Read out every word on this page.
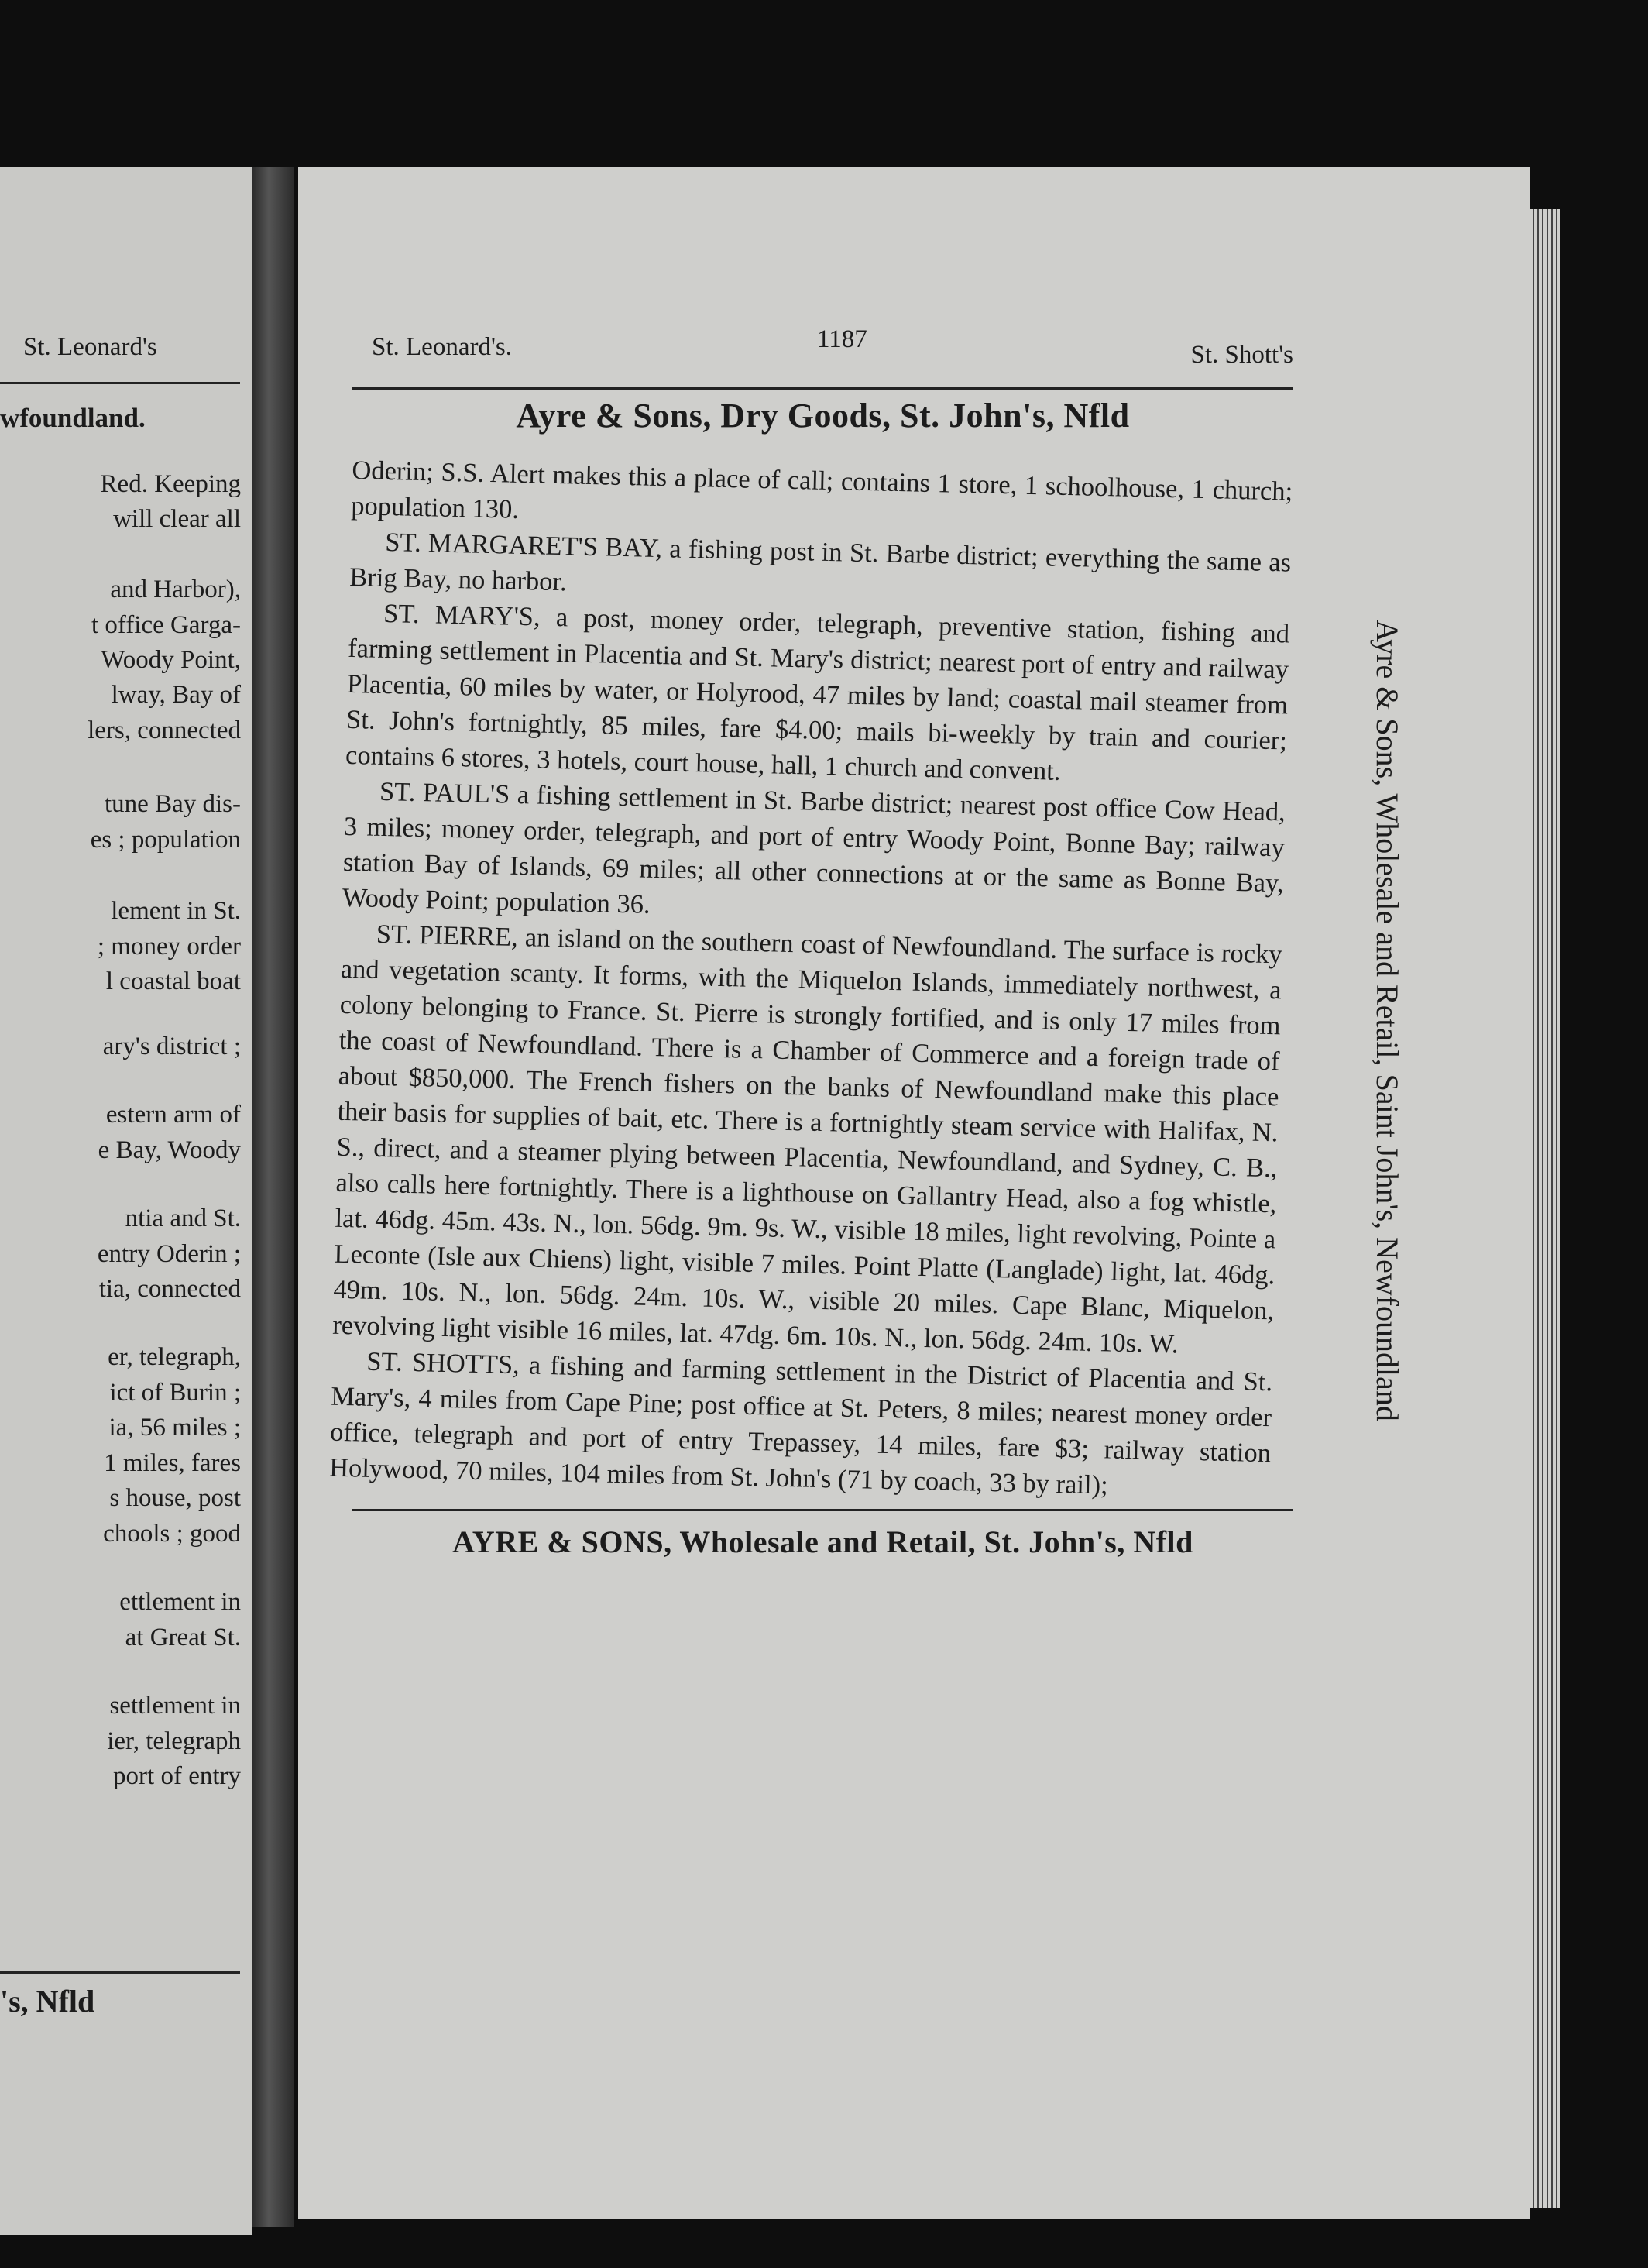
St. Leonard's
wfoundland.
Red. Keeping
will clear all
and Harbor),
t office Garga-
Woody Point,
lway, Bay of
lers, connected
tune Bay dis-
es ; population
lement in St.
; money order
l coastal boat
ary's district ;
estern arm of
e Bay, Woody
ntia and St.
entry Oderin ;
tia, connected
er, telegraph,
ict of Burin ;
ia, 56 miles ;
1 miles, fares
s house, post
chools ; good
ettlement in
at Great St.
settlement in
ier, telegraph
port of entry
's, Nfld
St. Leonard's.	1187
St. Shott's
Ayre & Sons, Dry Goods, St. John's, Nfld

Oderin; S.S. Alert makes this a place of call; contains 1 store, 1 schoolhouse, 1 church; population 130.

ST. MARGARET'S BAY, a fishing post in St. Barbe district; everything the same as Brig Bay, no harbor.

ST. MARY'S, a post, money order, telegraph, preventive station, fishing and farming settlement in Placentia and St. Mary's district; nearest port of entry and railway Placentia, 60 miles by water, or Holyrood, 47 miles by land; coastal mail steamer from St. John's fortnightly, 85 miles, fare $4.00; mails bi-weekly by train and courier; contains 6 stores, 3 hotels, court house, hall, 1 church and convent.

ST. PAUL'S a fishing settlement in St. Barbe district; nearest post office Cow Head, 3 miles; money order, telegraph, and port of entry Woody Point, Bonne Bay; railway station Bay of Islands, 69 miles; all other connections at or the same as Bonne Bay, Woody Point; population 36.

ST. PIERRE, an island on the southern coast of Newfoundland. The surface is rocky and vegetation scanty. It forms, with the Miquelon Islands, immediately northwest, a colony belonging to France. St. Pierre is strongly fortified, and is only 17 miles from the coast of Newfoundland. There is a Chamber of Commerce and a foreign trade of about $850,000. The French fishers on the banks of Newfoundland make this place their basis for supplies of bait, etc. There is a fortnightly steam service with Halifax, N. S., direct, and a steamer plying between Placentia, Newfoundland, and Sydney, C. B., also calls here fortnightly. There is a lighthouse on Gallantry Head, also a fog whistle, lat. 46dg. 45m. 43s. N., lon. 56dg. 9m. 9s. W., visible 18 miles, light revolving, Pointe a Leconte (Isle aux Chiens) light, visible 7 miles. Point Platte (Langlade) light, lat. 46dg. 49m. 10s. N., lon. 56dg. 24m. 10s. W., visible 20 miles. Cape Blanc, Miquelon, revolving light visible 16 miles, lat. 47dg. 6m. 10s. N., lon. 56dg. 24m. 10s. W.

ST. SHOTTS, a fishing and farming settlement in the District of Placentia and St. Mary's, 4 miles from Cape Pine; post office at St. Peters, 8 miles; nearest money order office, telegraph and port of entry Trepassey, 14 miles, fare $3; railway station Holywood, 70 miles, 104 miles from St. John's (71 by coach, 33 by rail);

AYRE & SONS, Wholesale and Retail, St. John's, Nfld
Ayre & Sons, Wholesale and Retail, Saint John's, Newfoundland
